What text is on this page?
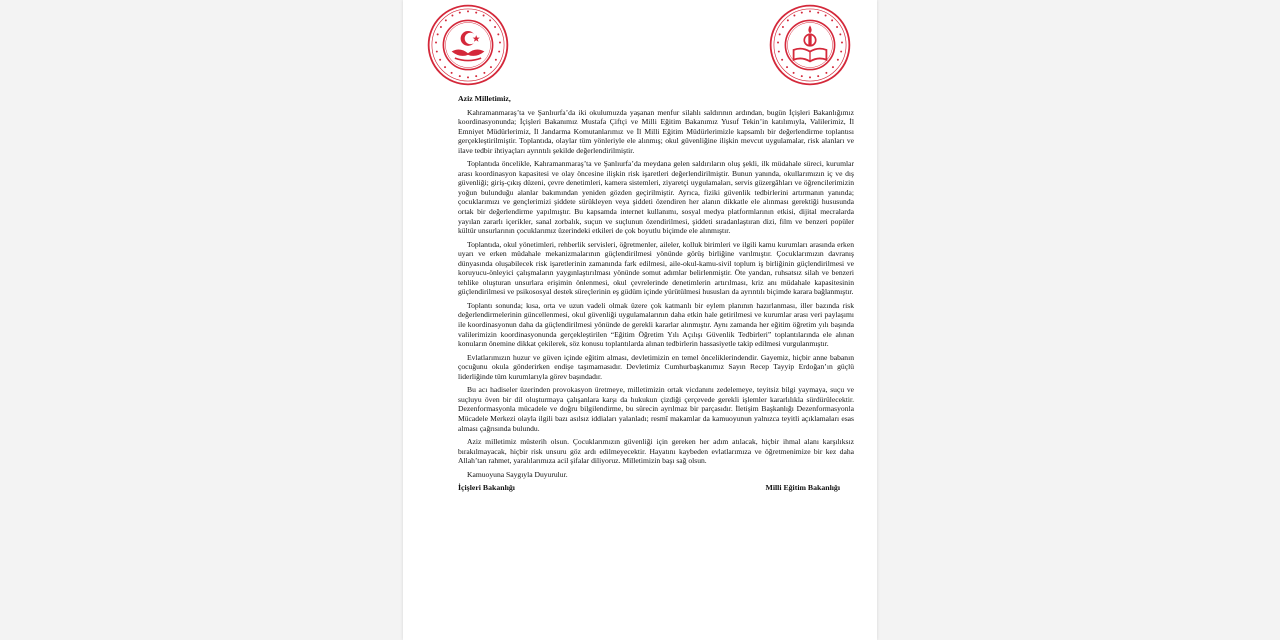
Aziz Milletimiz,

Kahramanmaraş’ta ve Şanlıurfa’da iki okulumuzda yaşanan menfur silahlı saldırının ardından, bugün İçişleri Bakanlığımız koordinasyonunda; İçişleri Bakanımız Mustafa Çiftçi ve Milli Eğitim Bakanımız Yusuf Tekin’in katılımıyla, Valilerimiz, İl Emniyet Müdürlerimiz, İl Jandarma Komutanlarımız ve İl Milli Eğitim Müdürlerimizle kapsamlı bir değerlendirme toplantısı gerçekleştirilmiştir. Toplantıda, olaylar tüm yönleriyle ele alınmış; okul güvenliğine ilişkin mevcut uygulamalar, risk alanları ve ilave tedbir ihtiyaçları ayrıntılı şekilde değerlendirilmiştir.

Toplantıda öncelikle, Kahramanmaraş’ta ve Şanlıurfa’da meydana gelen saldırıların oluş şekli, ilk müdahale süreci, kurumlar arası koordinasyon kapasitesi ve olay öncesine ilişkin risk işaretleri değerlendirilmiştir. Bunun yanında, okullarımızın iç ve dış güvenliği; giriş-çıkış düzeni, çevre denetimleri, kamera sistemleri, ziyaretçi uygulamaları, servis güzergâhları ve öğrencilerimizin yoğun bulunduğu alanlar bakımından yeniden gözden geçirilmiştir. Ayrıca, fiziki güvenlik tedbirlerini artırmanın yanında; çocuklarımızı ve gençlerimizi şiddete sürükleyen veya şiddeti özendiren her alanın dikkatle ele alınması gerektiği hususunda ortak bir değerlendirme yapılmıştır. Bu kapsamda internet kullanımı, sosyal medya platformlarının etkisi, dijital mecralarda yayılan zararlı içerikler, sanal zorbalık, suçun ve suçlunun özendirilmesi, şiddeti sıradanlaştıran dizi, film ve benzeri popüler kültür unsurlarının çocuklarımız üzerindeki etkileri de çok boyutlu biçimde ele alınmıştır.

Toplantıda, okul yönetimleri, rehberlik servisleri, öğretmenler, aileler, kolluk birimleri ve ilgili kamu kurumları arasında erken uyarı ve erken müdahale mekanizmalarının güçlendirilmesi yönünde görüş birliğine varılmıştır. Çocuklarımızın davranış dünyasında oluşabilecek risk işaretlerinin zamanında fark edilmesi, aile-okul-kamu-sivil toplum iş birliğinin güçlendirilmesi ve koruyucu-önleyici çalışmaların yaygınlaştırılması yönünde somut adımlar belirlenmiştir. Öte yandan, ruhsatsız silah ve benzeri tehlike oluşturan unsurlara erişimin önlenmesi, okul çevrelerinde denetimlerin artırılması, kriz anı müdahale kapasitesinin güçlendirilmesi ve psikososyal destek süreçlerinin eş güdüm içinde yürütülmesi hususları da ayrıntılı biçimde karara bağlanmıştır.

Toplantı sonunda; kısa, orta ve uzun vadeli olmak üzere çok katmanlı bir eylem planının hazırlanması, iller bazında risk değerlendirmelerinin güncellenmesi, okul güvenliği uygulamalarının daha etkin hale getirilmesi ve kurumlar arası veri paylaşımı ile koordinasyonun daha da güçlendirilmesi yönünde de gerekli kararlar alınmıştır. Aynı zamanda her eğitim öğretim yılı başında valilerimizin koordinasyonunda gerçekleştirilen “Eğitim Öğretim Yılı Açılışı Güvenlik Tedbirleri” toplantılarında ele alınan konuların önemine dikkat çekilerek, söz konusu toplantılarda alınan tedbirlerin hassasiyetle takip edilmesi vurgulanmıştır.

Evlatlarımızın huzur ve güven içinde eğitim alması, devletimizin en temel önceliklerindendir. Gayemiz, hiçbir anne babanın çocuğunu okula gönderirken endişe taşımamasıdır. Devletimiz Cumhurbaşkanımız Sayın Recep Tayyip Erdoğan’ın güçlü liderliğinde tüm kurumlarıyla görev başındadır.

Bu acı hadiseler üzerinden provokasyon üretmeye, milletimizin ortak vicdanını zedelemeye, teyitsiz bilgi yaymaya, suçu ve suçluyu öven bir dil oluşturmaya çalışanlara karşı da hukukun çizdiği çerçevede gerekli işlemler kararlılıkla sürdürülecektir. Dezenformasyonla mücadele ve doğru bilgilendirme, bu sürecin ayrılmaz bir parçasıdır. İletişim Başkanlığı Dezenformasyonla Mücadele Merkezi olayla ilgili bazı asılsız iddiaları yalanladı; resmî makamlar da kamuoyunun yalnızca teyitli açıklamaları esas alması çağrısında bulundu.

Aziz milletimiz müsterih olsun. Çocuklarımızın güvenliği için gereken her adım atılacak, hiçbir ihmal alanı karşılıksız bırakılmayacak, hiçbir risk unsuru göz ardı edilmeyecektir. Hayatını kaybeden evlatlarımıza ve öğretmenimize bir kez daha Allah’tan rahmet, yaralılarımıza acil şifalar diliyoruz. Milletimizin başı sağ olsun.

Kamuoyuna Saygıyla Duyurulur.

İçişleri Bakanlığı	Milli Eğitim Bakanlığı
